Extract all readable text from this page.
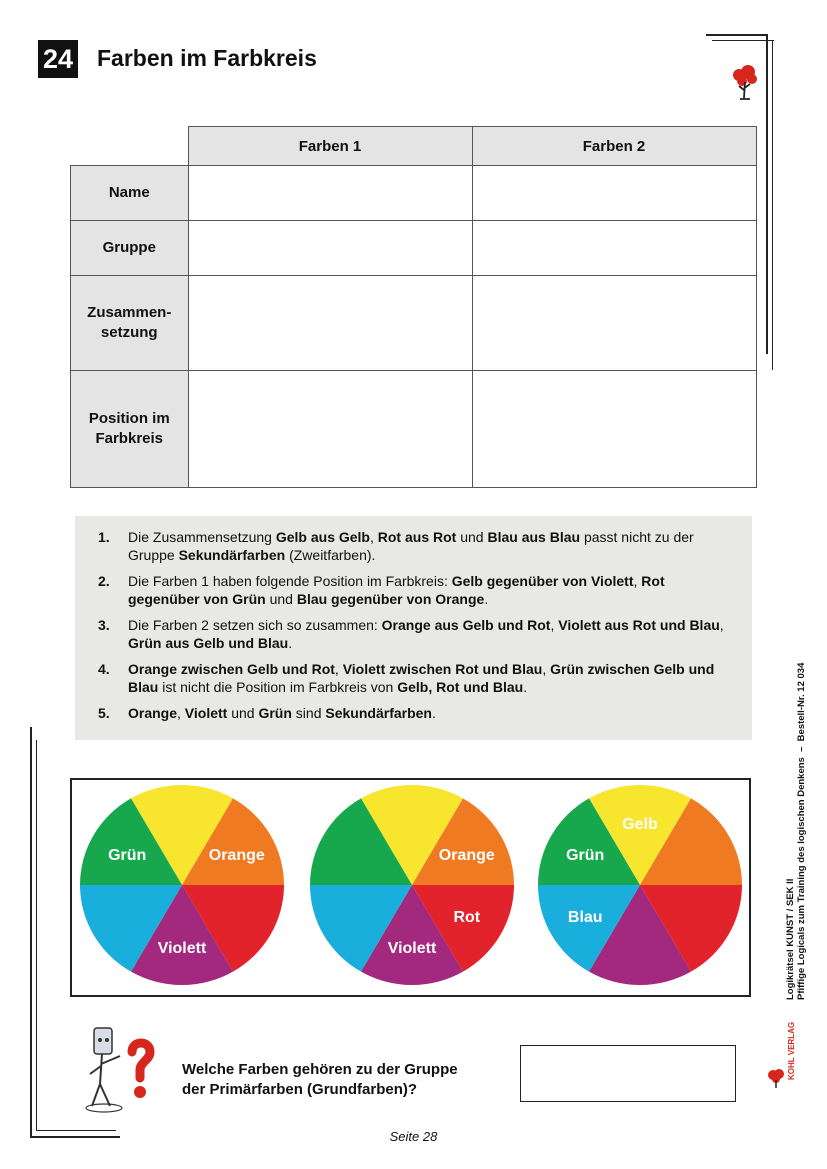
24 Farben im Farbkreis
	Farben 1	Farben 2
Name		
Gruppe		
Zusammen-
setzung		
Position im
Farbkreis		
1.	Die Zusammensetzung Gelb aus Gelb, Rot aus Rot und Blau aus Blau passt nicht zu der Gruppe Sekundärfarben (Zweitfarben).
2.	Die Farben 1 haben folgende Position im Farbkreis: Gelb gegenüber von Violett, Rot gegenüber von Grün und Blau gegenüber von Orange.
3.	Die Farben 2 setzen sich so zusammen: Orange aus Gelb und Rot, Violett aus Rot und Blau, Grün aus Gelb und Blau.
4.	Orange zwischen Gelb und Rot, Violett zwischen Rot und Blau, Grün zwischen Gelb und Blau ist nicht die Position im Farbkreis von Gelb, Rot und Blau.
5.	Orange, Violett und Grün sind Sekundärfarben.
Orange
Violett
Grün	Orange
Rot
Violett
Gelb
Blau
Grün
Welche Farben gehören zu der Gruppe
der Primärfarben (Grundfarben)?
Seite 28
Logikrätsel KUNST / SEK II Pfiffige Logicals zum Training des logischen Denkens  –  Bestell-Nr. 12 034
KOHL VERLAG
